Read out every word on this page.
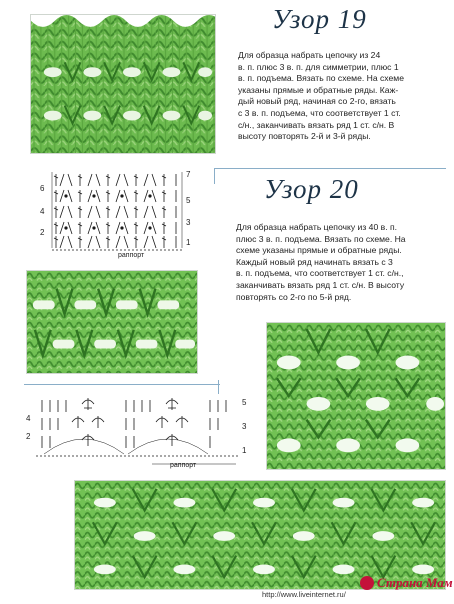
Узор 19
Для образца набрать цепочку из 24
в. п. плюс 3 в. п. для симметрии, плюс 1
в. п. подъема. Вязать по схеме. На схеме
указаны прямые и обратные ряды. Каж-
дый новый ряд, начиная со 2-го, вязать
с 3 в. п. подъема, что соответствует 1 ст.
с/н., заканчивать вязать ряд 1 ст. с/н. В
высоту повторять 2-й и 3-й ряды.
6
4
2
7
5
3
1
раппорт
Узор 20
Для образца набрать цепочку из 40 в. п.
плюс 3 в. п. подъема. Вязать по схеме. На
схеме указаны прямые и обратные ряды.
Каждый новый ряд начинать вязать с 3
в. п. подъема, что соответствует 1 ст. с/н.,
заканчивать вязать ряд 1 ст. с/н. В высоту
повторять со 2-го по 5-й ряд.
4
2
5
3
1
раппорт
http://www.liveinternet.ru/
Страна Мам
